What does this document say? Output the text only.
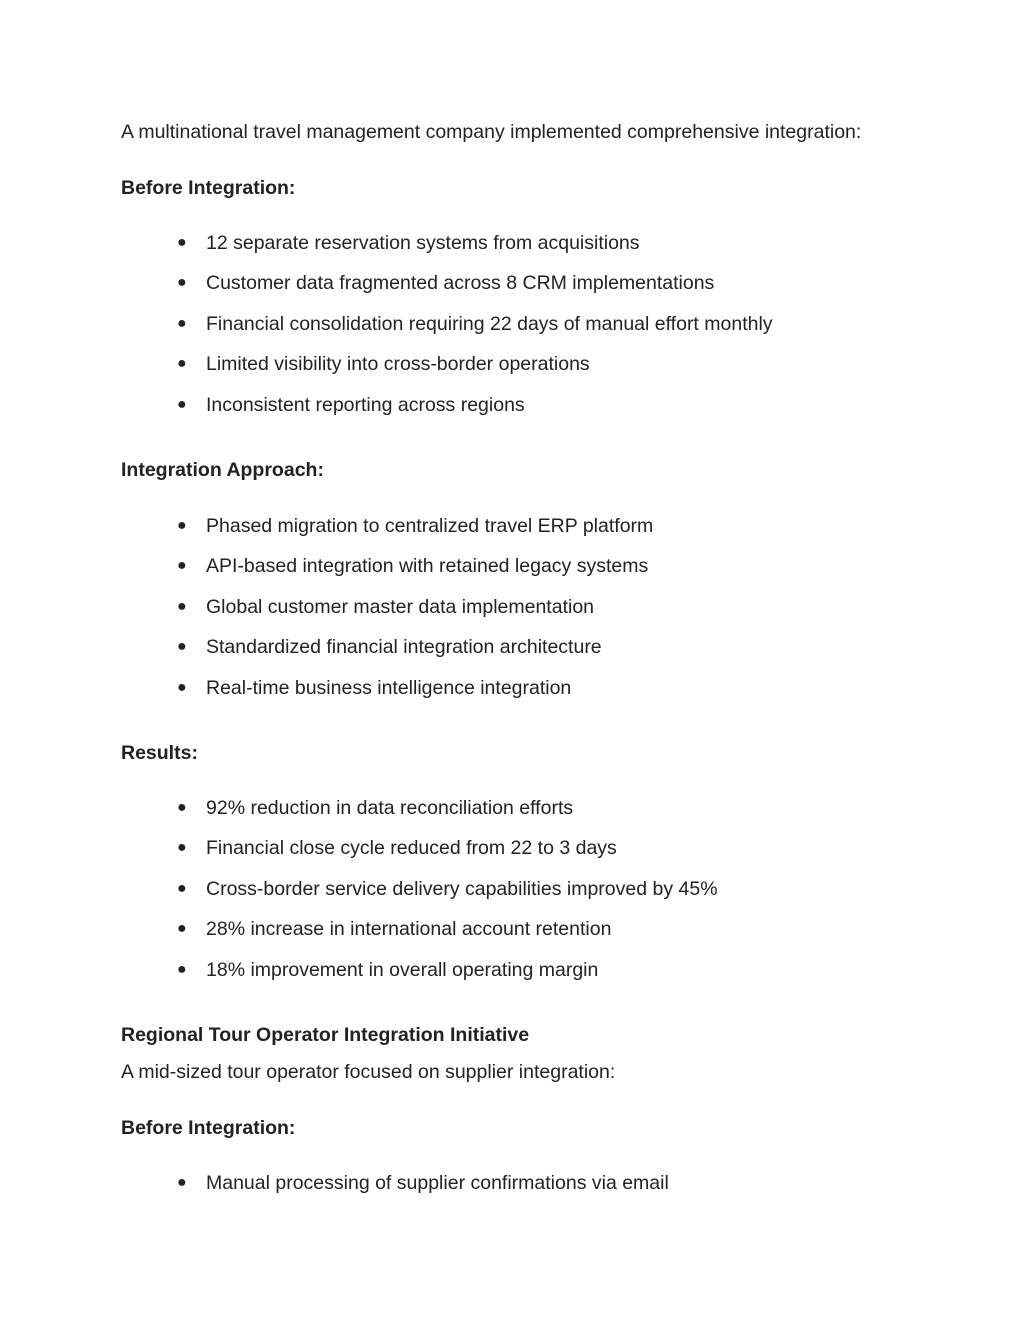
A multinational travel management company implemented comprehensive integration:

Before Integration:

● 12 separate reservation systems from acquisitions
● Customer data fragmented across 8 CRM implementations
● Financial consolidation requiring 22 days of manual effort monthly
● Limited visibility into cross-border operations
● Inconsistent reporting across regions

Integration Approach:

● Phased migration to centralized travel ERP platform
● API-based integration with retained legacy systems
● Global customer master data implementation
● Standardized financial integration architecture
● Real-time business intelligence integration

Results:

● 92% reduction in data reconciliation efforts
● Financial close cycle reduced from 22 to 3 days
● Cross-border service delivery capabilities improved by 45%
● 28% increase in international account retention
● 18% improvement in overall operating margin

Regional Tour Operator Integration Initiative

A mid-sized tour operator focused on supplier integration:

Before Integration:

● Manual processing of supplier confirmations via email
